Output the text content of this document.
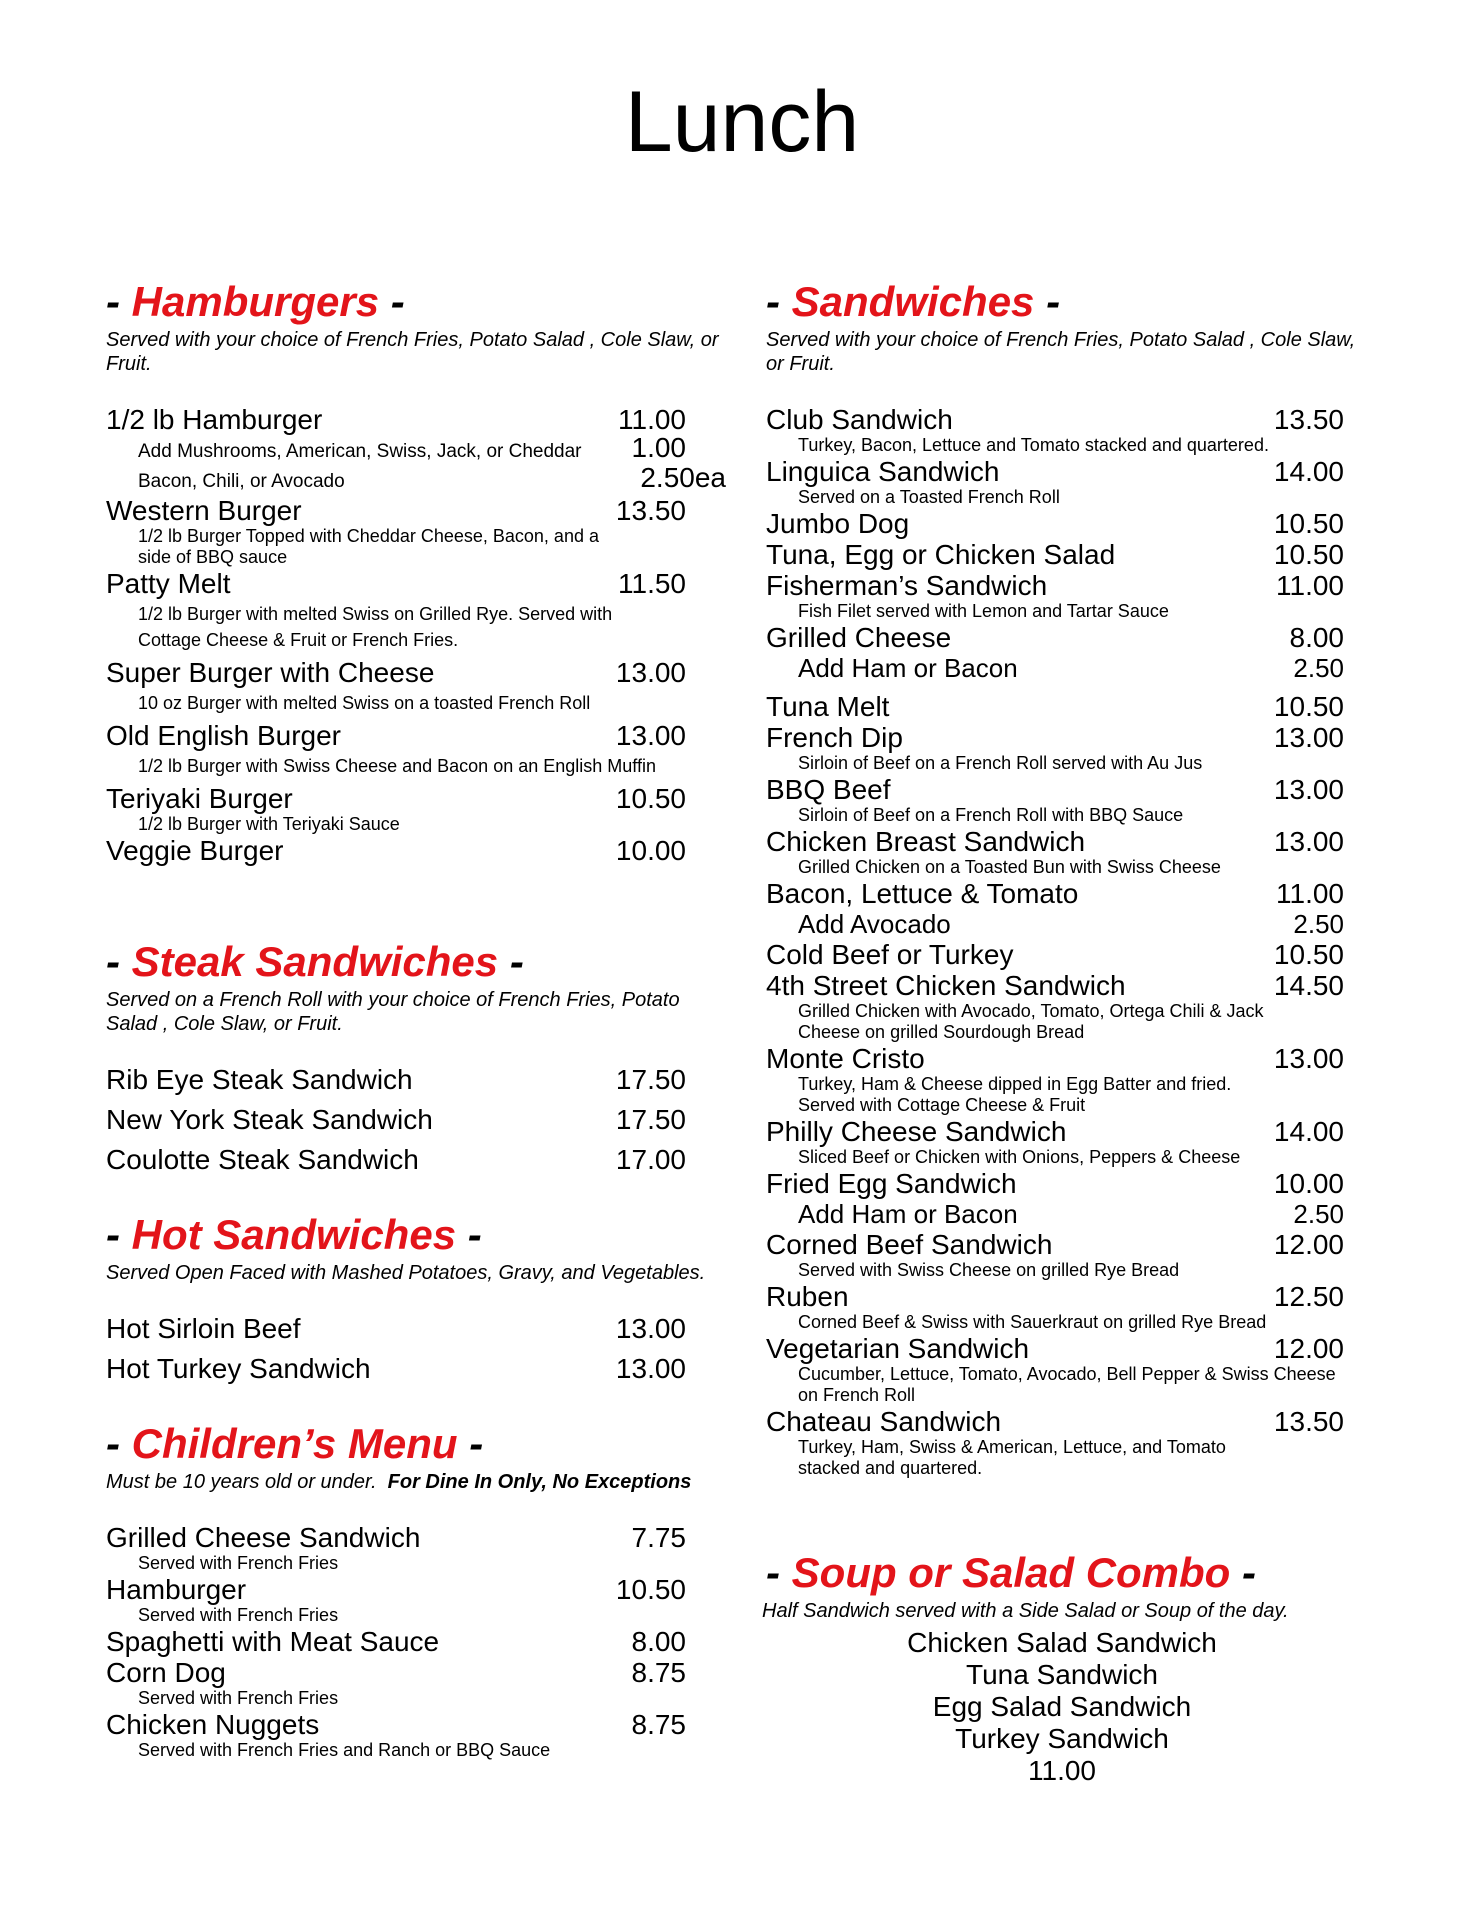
Lunch
- Hamburgers -
Served with your choice of French Fries, Potato Salad , Cole Slaw, or Fruit.
1/2 lb Hamburger	11.00
Add Mushrooms, American, Swiss, Jack, or Cheddar	1.00
Bacon, Chili, or Avocado	2.50ea
Western Burger	13.50
1/2 lb Burger Topped with Cheddar Cheese, Bacon, and a side of BBQ sauce
Patty Melt	11.50
1/2 lb Burger with melted Swiss on Grilled Rye. Served with Cottage Cheese & Fruit or French Fries.
Super Burger with Cheese	13.00
10 oz Burger with melted Swiss on a toasted French Roll
Old English Burger	13.00
1/2 lb Burger with Swiss Cheese and Bacon on an English Muffin
Teriyaki Burger	10.50
1/2 lb Burger with Teriyaki Sauce
Veggie Burger	10.00
- Steak Sandwiches -
Served on a French Roll with your choice of French Fries, Potato Salad , Cole Slaw, or Fruit.
Rib Eye Steak Sandwich	17.50
New York Steak Sandwich	17.50
Coulotte Steak Sandwich	17.00
- Hot Sandwiches -
Served Open Faced with Mashed Potatoes, Gravy, and Vegetables.
Hot Sirloin Beef	13.00
Hot Turkey Sandwich	13.00
- Children’s Menu -
Must be 10 years old or under. For Dine In Only, No Exceptions
Grilled Cheese Sandwich	7.75
Served with French Fries
Hamburger	10.50
Served with French Fries
Spaghetti with Meat Sauce	8.00
Corn Dog	8.75
Served with French Fries
Chicken Nuggets	8.75
Served with French Fries and Ranch or BBQ Sauce
- Sandwiches -
Served with your choice of French Fries, Potato Salad , Cole Slaw, or Fruit.
Club Sandwich	13.50
Turkey, Bacon, Lettuce and Tomato stacked and quartered.
Linguica Sandwich	14.00
Served on a Toasted French Roll
Jumbo Dog	10.50
Tuna, Egg or Chicken Salad	10.50
Fisherman’s Sandwich	11.00
Fish Filet served with Lemon and Tartar Sauce
Grilled Cheese	8.00
Add Ham or Bacon	2.50
Tuna Melt	10.50
French Dip	13.00
Sirloin of Beef on a French Roll served with Au Jus
BBQ Beef	13.00
Sirloin of Beef on a French Roll with BBQ Sauce
Chicken Breast Sandwich	13.00
Grilled Chicken on a Toasted Bun with Swiss Cheese
Bacon, Lettuce & Tomato	11.00
Add Avocado	2.50
Cold Beef or Turkey	10.50
4th Street Chicken Sandwich	14.50
Grilled Chicken with Avocado, Tomato, Ortega Chili & Jack Cheese on grilled Sourdough Bread
Monte Cristo	13.00
Turkey, Ham & Cheese dipped in Egg Batter and fried. Served with Cottage Cheese & Fruit
Philly Cheese Sandwich	14.00
Sliced Beef or Chicken with Onions, Peppers & Cheese
Fried Egg Sandwich	10.00
Add Ham or Bacon	2.50
Corned Beef Sandwich	12.00
Served with Swiss Cheese on grilled Rye Bread
Ruben	12.50
Corned Beef & Swiss with Sauerkraut on grilled Rye Bread
Vegetarian Sandwich	12.00
Cucumber, Lettuce, Tomato, Avocado, Bell Pepper & Swiss Cheese on French Roll
Chateau Sandwich	13.50
Turkey, Ham, Swiss & American, Lettuce, and Tomato stacked and quartered.
- Soup or Salad Combo -
Half Sandwich served with a Side Salad or Soup of the day.
Chicken Salad Sandwich
Tuna Sandwich
Egg Salad Sandwich
Turkey Sandwich
11.00
